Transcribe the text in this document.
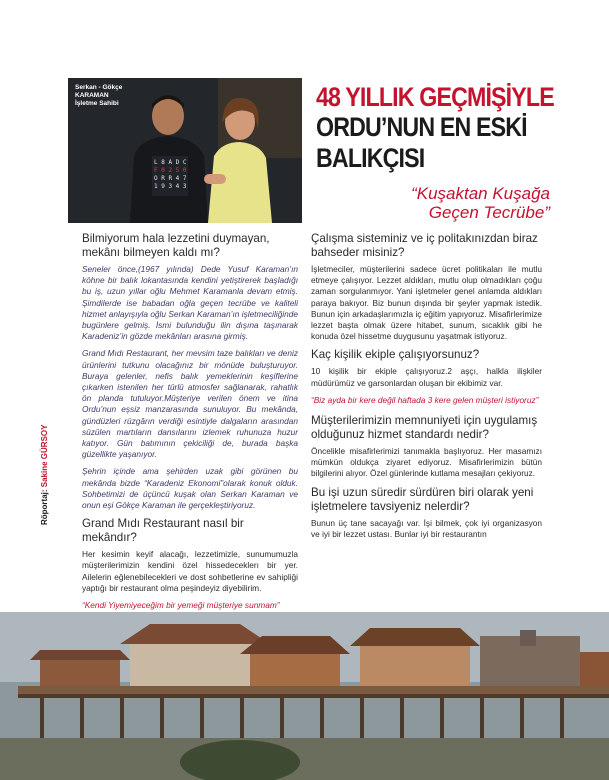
L 8 A D C
F 0 2 5 0
O R R 4 7
1 9 3 4 3
Serkan - Gökçe
KARAMAN
İşletme Sahibi	48 YILLIK GEÇMİŞİYLE
ORDU’NUN EN ESKİ
BALIKÇISI
“Kuşaktan Kuşağa
Geçen Tecrübe”
Bilmiyorum hala lezzetini duymayan, mekânı bilmeyen kaldı mı?
Seneler önce,(1967 yılında) Dede Yusuf Karaman’ın köhne bir balık lokantasında kendini yetiştirerek başladığı bu iş, uzun yıllar oğlu Mehmet Karamanla devam etmiş. Şimdilerde ise babadan oğla geçen tecrübe ve kaliteli hizmet anlayışıyla oğlu Serkan Karaman’ın işletmeciliğinde bugünlere gelmiş. İsmi bulunduğu ilin dışına taşınarak Karadeniz’in gözde mekânları arasına girmiş.
Grand Mıdı Restaurant, her mevsim taze balıkları ve deniz ürünlerini tutkunu olacağınız bir mönüde buluşturuyor. Buraya gelenler, nefis balık yemeklerinin keşiflerine çıkarken istenilen her türlü atmosfer sağlanarak, rahatlık ön planda tutuluyor.Müşteriye verilen önem ve itina Ordu’nun eşsiz manzarasında sunuluyor. Bu mekânda, gündüzleri rüzgârın verdiği esintiyle dalgaların arasından süzülen martıların dansılarını izlemek ruhunuza huzur katıyor. Gün batımının çekiciliği de, burada başka güzellikte yaşanıyor.
Şehrin içinde ama şehirden uzak gibi görünen bu mekânda bizde “Karadeniz Ekonomi”olarak konuk olduk. Sohbetimizi de üçüncü kuşak olan Serkan Karaman ve onun eşi Gökçe Karaman ile gerçekleştiriyoruz.
Grand Mıdı Restaurant nasıl bir mekândır?
Her kesimin keyif alacağı, lezzetimizle, sunumumuzla müşterilerimizin kendini özel hissedeceklerı bir yer. Ailelerin eğlenebilecekleri ve dost sohbetlerine ev sahipliği yaptığı bir restaurant olma peşindeyiz diyebilirim.
“Kendi Yiyemiyeceğim bir yemeği müşteriye sunmam”
Röportaj: Sakine GÜRSOY
Çalışma sisteminiz ve iç politakınızdan biraz bahseder misiniz?
İşletmeciler, müşterilerini sadece ücret politikaları ile mutlu etmeye çalışıyor. Lezzet aldıkları, mutlu olup olmadıkları çoğu zaman sorgulanmıyor. Yani işletmeler genel anlamda aldıkları paraya bakıyor. Biz bunun dışında bir şeyler yapmak istedik. Bunun için arkadaşlarımızla iç eğitim yapıyoruz. Misafirlerimize lezzet başta olmak üzere hitabet, sunum, sıcaklık gibi he konuda özel hissetme duygusunu yaşatmak istiyoruz.
Kaç kişilik ekiple çalışıyorsunuz?
10 kişilik bir ekiple çalışıyoruz.2 aşçı, halkla ilişkiler müdürümüz ve garsonlardan oluşan bir ekibimiz var.
“Biz ayda bir kere değil haftada 3 kere gelen müşteri istiyoruz”
Müşterilerimizin memnuniyeti için uygulamış olduğunuz hizmet standardı nedir?
Öncelikle misafirlerimizi tanımakla başlıyoruz. Her masamızı mümkün oldukça ziyaret ediyoruz. Misafirlerimizin bütün bilgilerini alıyor. Özel günlerinde kutlama mesajları çekiyoruz.
Bu işi uzun süredir sürdüren biri olarak yeni işletmelere tavsiyeniz nelerdir?
Bunun üç tane sacayağı var. İşi bilmek, çok iyi organizasyon ve iyi bir lezzet ustası. Bunlar iyi bir restaurantın
